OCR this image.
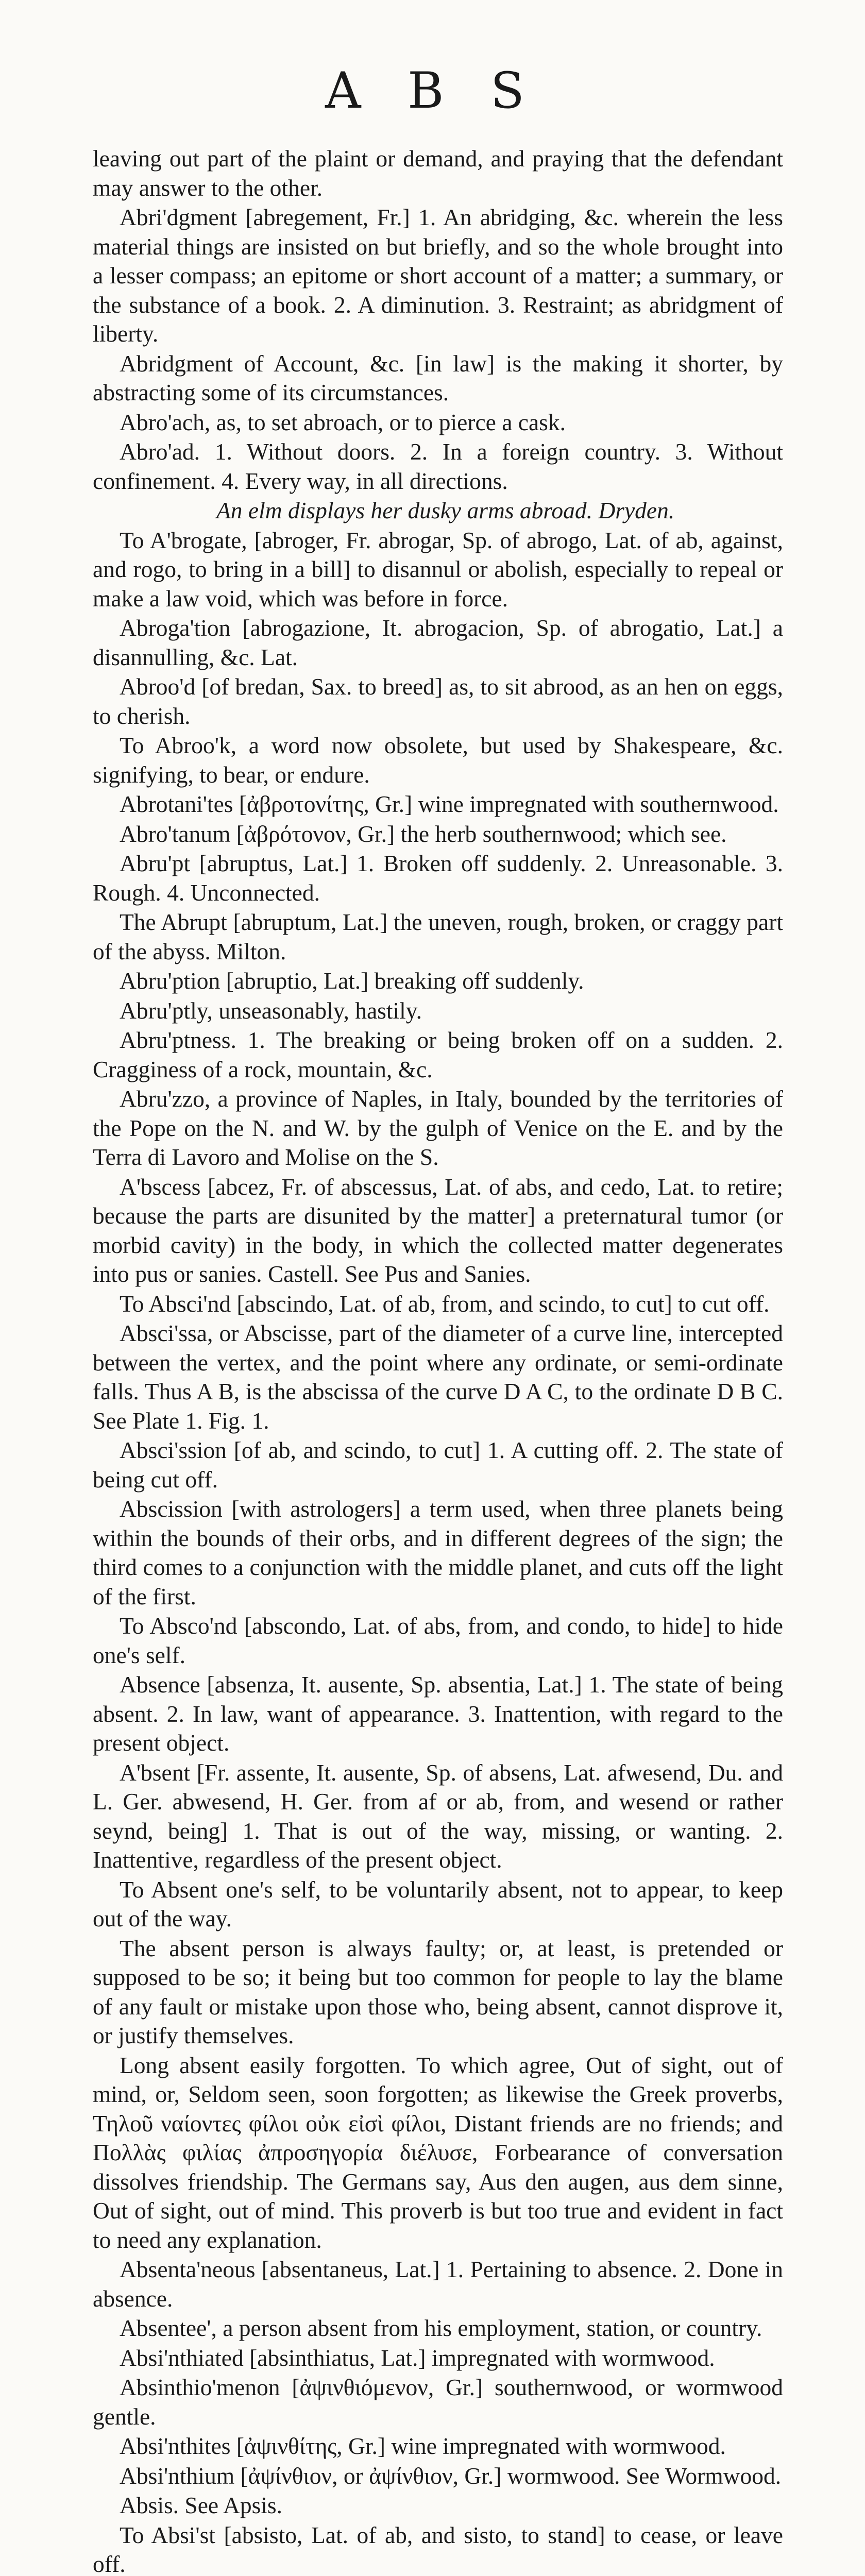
A B S

leaving out part of the plaint or demand, and praying that the defendant may answer to the other.

Abri'dgment [abregement, Fr.] 1. An abridging, &c. wherein the less material things are insisted on but briefly, and so the whole brought into a lesser compass; an epitome or short account of a matter; a summary, or the substance of a book. 2. A diminution. 3. Restraint; as abridgment of liberty.

Abridgment of Account, &c. [in law] is the making it shorter, by abstracting some of its circumstances.

Abro'ach, as, to set abroach, or to pierce a cask.

Abro'ad. 1. Without doors. 2. In a foreign country. 3. Without confinement. 4. Every way, in all directions.

An elm displays her dusky arms abroad. Dryden.

To A'brogate, [abroger, Fr. abrogar, Sp. of abrogo, Lat. of ab, against, and rogo, to bring in a bill] to disannul or abolish, especially to repeal or make a law void, which was before in force.

Abroga'tion [abrogazione, It. abrogacion, Sp. of abrogatio, Lat.] a disannulling, &c. Lat.

Abroo'd [of bredan, Sax. to breed] as, to sit abrood, as an hen on eggs, to cherish.

To Abroo'k, a word now obsolete, but used by Shakespeare, &c. signifying, to bear, or endure.

Abrotani'tes [ἀβροτονίτης, Gr.] wine impregnated with southernwood.

Abro'tanum [ἀβρότονον, Gr.] the herb southernwood; which see.

Abru'pt [abruptus, Lat.] 1. Broken off suddenly. 2. Unreasonable. 3. Rough. 4. Unconnected.

The Abrupt [abruptum, Lat.] the uneven, rough, broken, or craggy part of the abyss. Milton.

Abru'ption [abruptio, Lat.] breaking off suddenly.

Abru'ptly, unseasonably, hastily.

Abru'ptness. 1. The breaking or being broken off on a sudden. 2. Cragginess of a rock, mountain, &c.

Abru'zzo, a province of Naples, in Italy, bounded by the territories of the Pope on the N. and W. by the gulph of Venice on the E. and by the Terra di Lavoro and Molise on the S.

A'bscess [abcez, Fr. of abscessus, Lat. of abs, and cedo, Lat. to retire; because the parts are disunited by the matter] a preternatural tumor (or morbid cavity) in the body, in which the collected matter degenerates into pus or sanies. Castell. See Pus and Sanies.

To Absci'nd [abscindo, Lat. of ab, from, and scindo, to cut] to cut off.

Absci'ssa, or Abscisse, part of the diameter of a curve line, intercepted between the vertex, and the point where any ordinate, or semi-ordinate falls. Thus A B, is the abscissa of the curve D A C, to the ordinate D B C. See Plate 1. Fig. 1.

Absci'ssion [of ab, and scindo, to cut] 1. A cutting off. 2. The state of being cut off.

Abscission [with astrologers] a term used, when three planets being within the bounds of their orbs, and in different degrees of the sign; the third comes to a conjunction with the middle planet, and cuts off the light of the first.

To Absco'nd [abscondo, Lat. of abs, from, and condo, to hide] to hide one's self.

Absence [absenza, It. ausente, Sp. absentia, Lat.] 1. The state of being absent. 2. In law, want of appearance. 3. Inattention, with regard to the present object.

A'bsent [Fr. assente, It. ausente, Sp. of absens, Lat. afwesend, Du. and L. Ger. abwesend, H. Ger. from af or ab, from, and wesend or rather seynd, being] 1. That is out of the way, missing, or wanting. 2. Inattentive, regardless of the present object.

To Absent one's self, to be voluntarily absent, not to appear, to keep out of the way.

The absent person is always faulty; or, at least, is pretended or supposed to be so; it being but too common for people to lay the blame of any fault or mistake upon those who, being absent, cannot disprove it, or justify themselves.

Long absent easily forgotten. To which agree, Out of sight, out of mind, or, Seldom seen, soon forgotten; as likewise the Greek proverbs, Τηλοῦ ναίοντες φίλοι οὐκ εἰσὶ φίλοι, Distant friends are no friends; and Πολλὰς φιλίας ἀπροσηγορία διέλυσε, Forbearance of conversation dissolves friendship. The Germans say, Aus den augen, aus dem sinne, Out of sight, out of mind. This proverb is but too true and evident in fact to need any explanation.

Absenta'neous [absentaneus, Lat.] 1. Pertaining to absence. 2. Done in absence.

Absentee', a person absent from his employment, station, or country.

Absi'nthiated [absinthiatus, Lat.] impregnated with wormwood.

Absinthio'menon [ἀψινθιόμενον, Gr.] southernwood, or wormwood gentle.

Absi'nthites [ἀψινθίτης, Gr.] wine impregnated with wormwood.

Absi'nthium [ἀψίνθιον, or ἀψίνθιον, Gr.] wormwood. See Wormwood.

Absis. See Apsis.

To Absi'st [absisto, Lat. of ab, and sisto, to stand] to cease, or leave off.
